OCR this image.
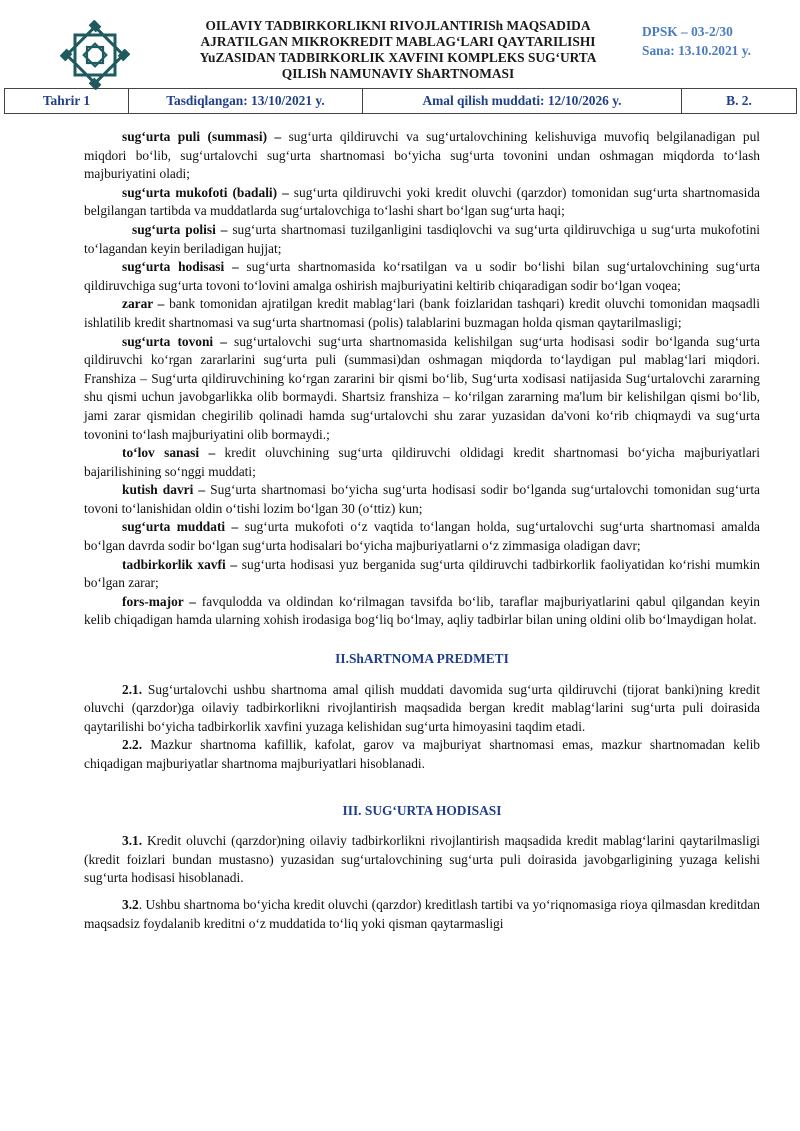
OILAVIY TADBIRKORLIKNI RIVOJLANTIRISh MAQSADIDA
AJRATILGAN MIKROKREDIT MABLAG‘LARI QAYTARILISHI
YuZASIDAN TADBIRKORLIK XAVFINI KOMPLEKS SUG‘URTA
QILISh NAMUNAVIY ShARTNOMASI
DPSK – 03-2/30
Sana: 13.10.2021 y.
Tahrir 1	Tasdiqlangan: 13/10/2021 y.	Amal qilish muddati: 12/10/2026 y.	B. 2.

sug‘urta puli (summasi) – sug‘urta qildiruvchi va sug‘urtalovchining kelishuviga muvofiq belgilanadigan pul miqdori bo‘lib, sug‘urtalovchi sug‘urta shartnomasi bo‘yicha sug‘urta tovonini undan oshmagan miqdorda to‘lash majburiyatini oladi;

sug‘urta mukofoti (badali) – sug‘urta qildiruvchi yoki kredit oluvchi (qarzdor) tomonidan sug‘urta shartnomasida belgilangan tartibda va muddatlarda sug‘urtalovchiga to‘lashi shart bo‘lgan sug‘urta haqi;

sug‘urta polisi – sug‘urta shartnomasi tuzilganligini tasdiqlovchi va sug‘urta qildiruvchiga u sug‘urta mukofotini to‘lagandan keyin beriladigan hujjat;

sug‘urta hodisasi – sug‘urta shartnomasida ko‘rsatilgan va u sodir bo‘lishi bilan sug‘urtalovchining sug‘urta qildiruvchiga sug‘urta tovoni to‘lovini amalga oshirish majburiyatini keltirib chiqaradigan sodir bo‘lgan voqea;

zarar – bank tomonidan ajratilgan kredit mablag‘lari (bank foizlaridan tashqari) kredit oluvchi tomonidan maqsadli ishlatilib kredit shartnomasi va sug‘urta shartnomasi (polis) talablarini buzmagan holda qisman qaytarilmasligi;

sug‘urta tovoni – sug‘urtalovchi sug‘urta shartnomasida kelishilgan sug‘urta hodisasi sodir bo‘lganda sug‘urta qildiruvchi ko‘rgan zararlarini sug‘urta puli (summasi)dan oshmagan miqdorda to‘laydigan pul mablag‘lari miqdori. Franshiza – Sug‘urta qildiruvchining ko‘rgan zararini bir qismi bo‘lib, Sug‘urta xodisasi natijasida Sug‘urtalovchi zararning shu qismi uchun javobgarlikka olib bormaydi. Shartsiz franshiza – ko‘rilgan zararning ma'lum bir kelishilgan qismi bo‘lib, jami zarar qismidan chegirilib qolinadi hamda sug‘urtalovchi shu zarar yuzasidan da'voni ko‘rib chiqmaydi va sug‘urta tovonini to‘lash majburiyatini olib bormaydi.;

to‘lov sanasi – kredit oluvchining sug‘urta qildiruvchi oldidagi kredit shartnomasi bo‘yicha majburiyatlari bajarilishining so‘nggi muddati;

kutish davri – Sug‘urta shartnomasi bo‘yicha sug‘urta hodisasi sodir bo‘lganda sug‘urtalovchi tomonidan sug‘urta tovoni to‘lanishidan oldin o‘tishi lozim bo‘lgan 30 (o‘ttiz) kun;

sug‘urta muddati – sug‘urta mukofoti o‘z vaqtida to‘langan holda, sug‘urtalovchi sug‘urta shartnomasi amalda bo‘lgan davrda sodir bo‘lgan sug‘urta hodisalari bo‘yicha majburiyatlarni o‘z zimmasiga oladigan davr;

tadbirkorlik xavfi – sug‘urta hodisasi yuz berganida sug‘urta qildiruvchi tadbirkorlik faoliyatidan ko‘rishi mumkin bo‘lgan zarar;

fors-major – favqulodda va oldindan ko‘rilmagan tavsifda bo‘lib, taraflar majburiyatlarini qabul qilgandan keyin kelib chiqadigan hamda ularning xohish irodasiga bog‘liq bo‘lmay, aqliy tadbirlar bilan uning oldini olib bo‘lmaydigan holat.

II.ShARTNOMA PREDMETI

2.1. Sug‘urtalovchi ushbu shartnoma amal qilish muddati davomida sug‘urta qildiruvchi (tijorat banki)ning kredit oluvchi (qarzdor)ga oilaviy tadbirkorlikni rivojlantirish maqsadida bergan kredit mablag‘larini sug‘urta puli doirasida qaytarilishi bo‘yicha tadbirkorlik xavfini yuzaga kelishidan sug‘urta himoyasini taqdim etadi.

2.2. Mazkur shartnoma kafillik, kafolat, garov va majburiyat shartnomasi emas, mazkur shartnomadan kelib chiqadigan majburiyatlar shartnoma majburiyatlari hisoblanadi.

III. SUG‘URTA HODISASI

3.1. Kredit oluvchi (qarzdor)ning oilaviy tadbirkorlikni rivojlantirish maqsadida kredit mablag‘larini qaytarilmasligi (kredit foizlari bundan mustasno) yuzasidan sug‘urtalovchining sug‘urta puli doirasida javobgarligining yuzaga kelishi sug‘urta hodisasi hisoblanadi.

3.2. Ushbu shartnoma bo‘yicha kredit oluvchi (qarzdor) kreditlash tartibi va yo‘riqnomasiga rioya qilmasdan kreditdan maqsadsiz foydalanib kreditni o‘z muddatida to‘liq yoki qisman qaytarmasligi
